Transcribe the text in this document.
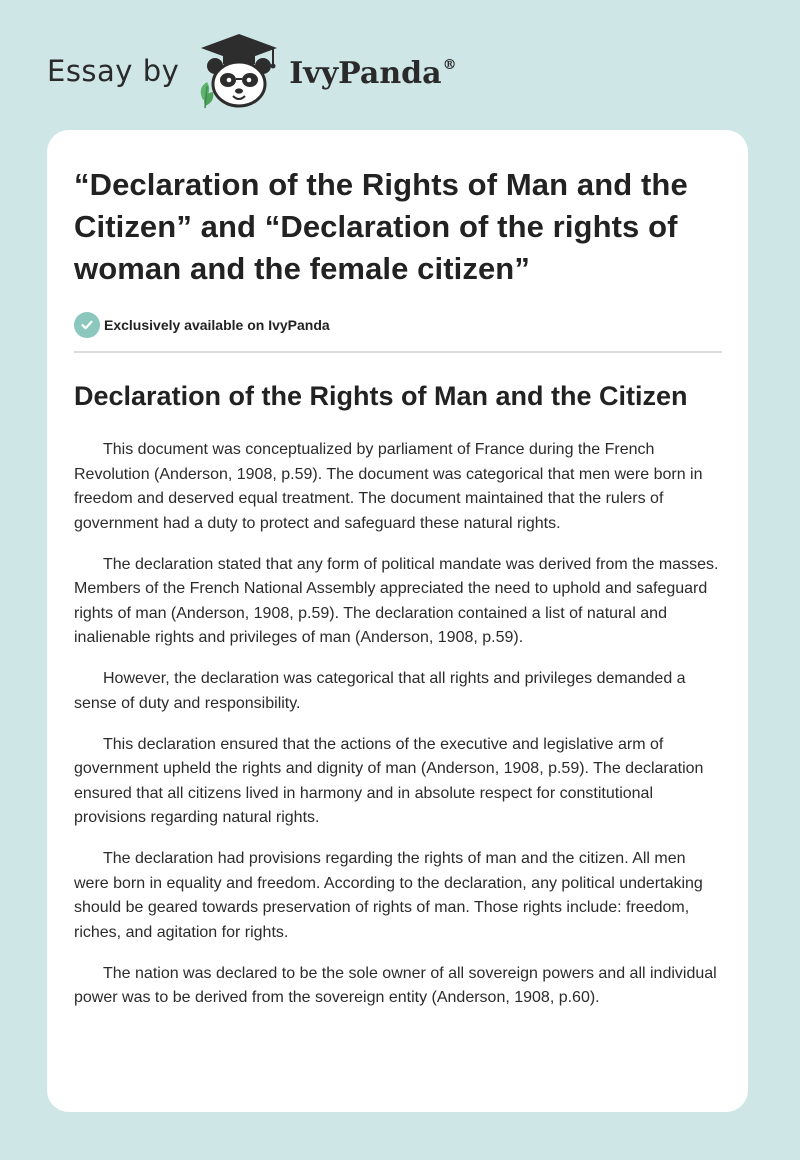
Essay by	IvyPanda®
“Declaration of the Rights of Man and the Citizen” and “Declaration of the rights of woman and the female citizen”
Exclusively available on IvyPanda
Declaration of the Rights of Man and the Citizen

This document was conceptualized by parliament of France during the French Revolution (Anderson, 1908, p.59). The document was categorical that men were born in freedom and deserved equal treatment. The document maintained that the rulers of government had a duty to protect and safeguard these natural rights.

The declaration stated that any form of political mandate was derived from the masses. Members of the French National Assembly appreciated the need to uphold and safeguard rights of man (Anderson, 1908, p.59). The declaration contained a list of natural and inalienable rights and privileges of man (Anderson, 1908, p.59).

However, the declaration was categorical that all rights and privileges demanded a sense of duty and responsibility.

This declaration ensured that the actions of the executive and legislative arm of government upheld the rights and dignity of man (Anderson, 1908, p.59). The declaration ensured that all citizens lived in harmony and in absolute respect for constitutional provisions regarding natural rights.

The declaration had provisions regarding the rights of man and the citizen. All men were born in equality and freedom. According to the declaration, any political undertaking should be geared towards preservation of rights of man. Those rights include: freedom, riches, and agitation for rights.

The nation was declared to be the sole owner of all sovereign powers and all individual power was to be derived from the sovereign entity (Anderson, 1908, p.60).
